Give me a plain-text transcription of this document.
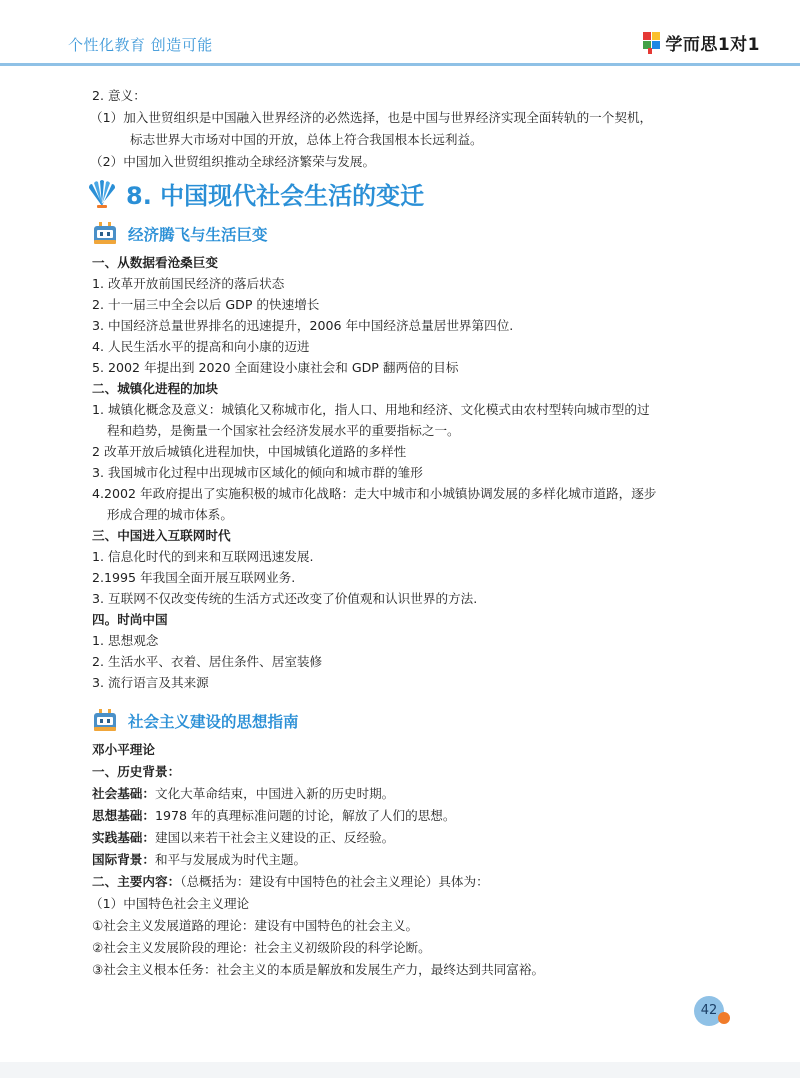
个性化教育 创造可能	学而思1对1
2. 意义：
（1）加入世贸组织是中国融入世界经济的必然选择，也是中国与世界经济实现全面转轨的一个契机，
标志世界大市场对中国的开放，总体上符合我国根本长远利益。
（2）中国加入世贸组织推动全球经济繁荣与发展。
8. 中国现代社会生活的变迁
经济腾飞与生活巨变
一、从数据看沧桑巨变
1. 改革开放前国民经济的落后状态
2. 十一届三中全会以后 GDP 的快速增长
3. 中国经济总量世界排名的迅速提升，2006 年中国经济总量居世界第四位.
4. 人民生活水平的提高和向小康的迈进
5. 2002 年提出到 2020 全面建设小康社会和 GDP 翻两倍的目标
二、城镇化进程的加块
1. 城镇化概念及意义：城镇化又称城市化，指人口、用地和经济、文化模式由农村型转向城市型的过
程和趋势，是衡量一个国家社会经济发展水平的重要指标之一。
2 改革开放后城镇化进程加快，中国城镇化道路的多样性
3. 我国城市化过程中出现城市区域化的倾向和城市群的雏形
4.2002 年政府提出了实施积极的城市化战略：走大中城市和小城镇协调发展的多样化城市道路，逐步
形成合理的城市体系。
三、中国进入互联网时代
1. 信息化时代的到来和互联网迅速发展.
2.1995 年我国全面开展互联网业务.
3. 互联网不仅改变传统的生活方式还改变了价值观和认识世界的方法.
四。时尚中国
1. 思想观念
2. 生活水平、衣着、居住条件、居室装修
3. 流行语言及其来源
社会主义建设的思想指南
邓小平理论
一、历史背景：
社会基础：文化大革命结束，中国进入新的历史时期。
思想基础：1978 年的真理标准问题的讨论，解放了人们的思想。
实践基础：建国以来若干社会主义建设的正、反经验。
国际背景：和平与发展成为时代主题。
二、主要内容：（总概括为：建设有中国特色的社会主义理论）具体为：
（1）中国特色社会主义理论
①社会主义发展道路的理论：建设有中国特色的社会主义。
②社会主义发展阶段的理论：社会主义初级阶段的科学论断。
③社会主义根本任务：社会主义的本质是解放和发展生产力，最终达到共同富裕。
42
